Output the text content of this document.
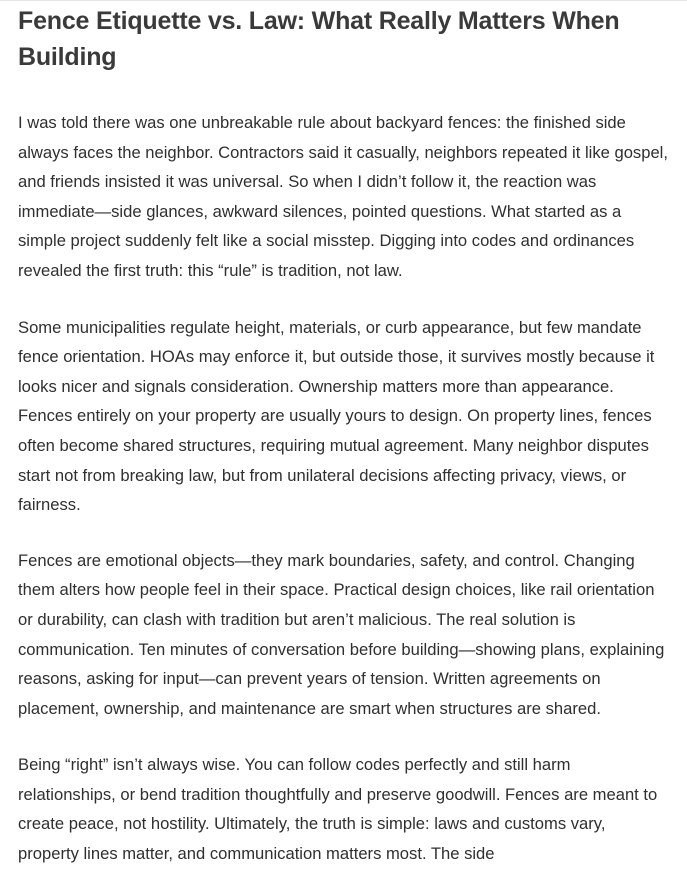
Fence Etiquette vs. Law: What Really Matters When Building

I was told there was one unbreakable rule about backyard fences: the finished side always faces the neighbor. Contractors said it casually, neighbors repeated it like gospel, and friends insisted it was universal. So when I didn’t follow it, the reaction was immediate—side glances, awkward silences, pointed questions. What started as a simple project suddenly felt like a social misstep. Digging into codes and ordinances revealed the first truth: this “rule” is tradition, not law.

Some municipalities regulate height, materials, or curb appearance, but few mandate fence orientation. HOAs may enforce it, but outside those, it survives mostly because it looks nicer and signals consideration. Ownership matters more than appearance. Fences entirely on your property are usually yours to design. On property lines, fences often become shared structures, requiring mutual agreement. Many neighbor disputes start not from breaking law, but from unilateral decisions affecting privacy, views, or fairness.

Fences are emotional objects—they mark boundaries, safety, and control. Changing them alters how people feel in their space. Practical design choices, like rail orientation or durability, can clash with tradition but aren’t malicious. The real solution is communication. Ten minutes of conversation before building—showing plans, explaining reasons, asking for input—can prevent years of tension. Written agreements on placement, ownership, and maintenance are smart when structures are shared.

Being “right” isn’t always wise. You can follow codes perfectly and still harm relationships, or bend tradition thoughtfully and preserve goodwill. Fences are meant to create peace, not hostility. Ultimately, the truth is simple: laws and customs vary, property lines matter, and communication matters most. The side
